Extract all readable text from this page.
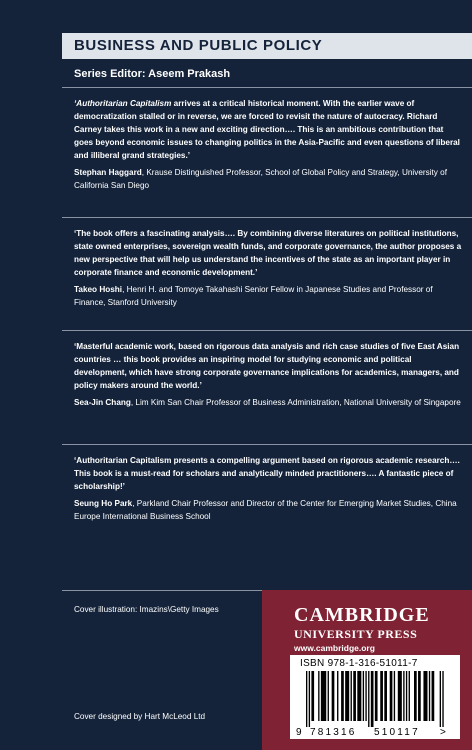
BUSINESS AND PUBLIC POLICY
Series Editor: Aseem Prakash

‘Authoritarian Capitalism arrives at a critical historical moment. With the earlier wave of democratization stalled or in reverse, we are forced to revisit the nature of autocracy. Richard Carney takes this work in a new and exciting direction…. This is an ambitious contribution that goes beyond economic issues to changing politics in the Asia-Pacific and even questions of liberal and illiberal grand strategies.’

Stephan Haggard, Krause Distinguished Professor, School of Global Policy and Strategy, University of California San Diego

‘The book offers a fascinating analysis…. By combining diverse literatures on political institutions, state owned enterprises, sovereign wealth funds, and corporate governance, the author proposes a new perspective that will help us understand the incentives of the state as an important player in corporate finance and economic development.’

Takeo Hoshi, Henri H. and Tomoye Takahashi Senior Fellow in Japanese Studies and Professor of Finance, Stanford University

‘Masterful academic work, based on rigorous data analysis and rich case studies of five East Asian countries … this book provides an inspiring model for studying economic and political development, which have strong corporate governance implications for academics, managers, and policy makers around the world.’

Sea-Jin Chang, Lim Kim San Chair Professor of Business Administration, National University of Singapore

‘Authoritarian Capitalism presents a compelling argument based on rigorous academic research…. This book is a must-read for scholars and analytically minded practitioners…. A fantastic piece of scholarship!’

Seung Ho Park, Parkland Chair Professor and Director of the Center for Emerging Market Studies, China Europe International Business School

Cover illustration: Imazins\Getty Images
Cover designed by Hart McLeod Ltd
CAMBRIDGE
UNIVERSITY PRESS
www.cambridge.org
ISBN 978-1-316-51011-7
9 781316 510117 >
